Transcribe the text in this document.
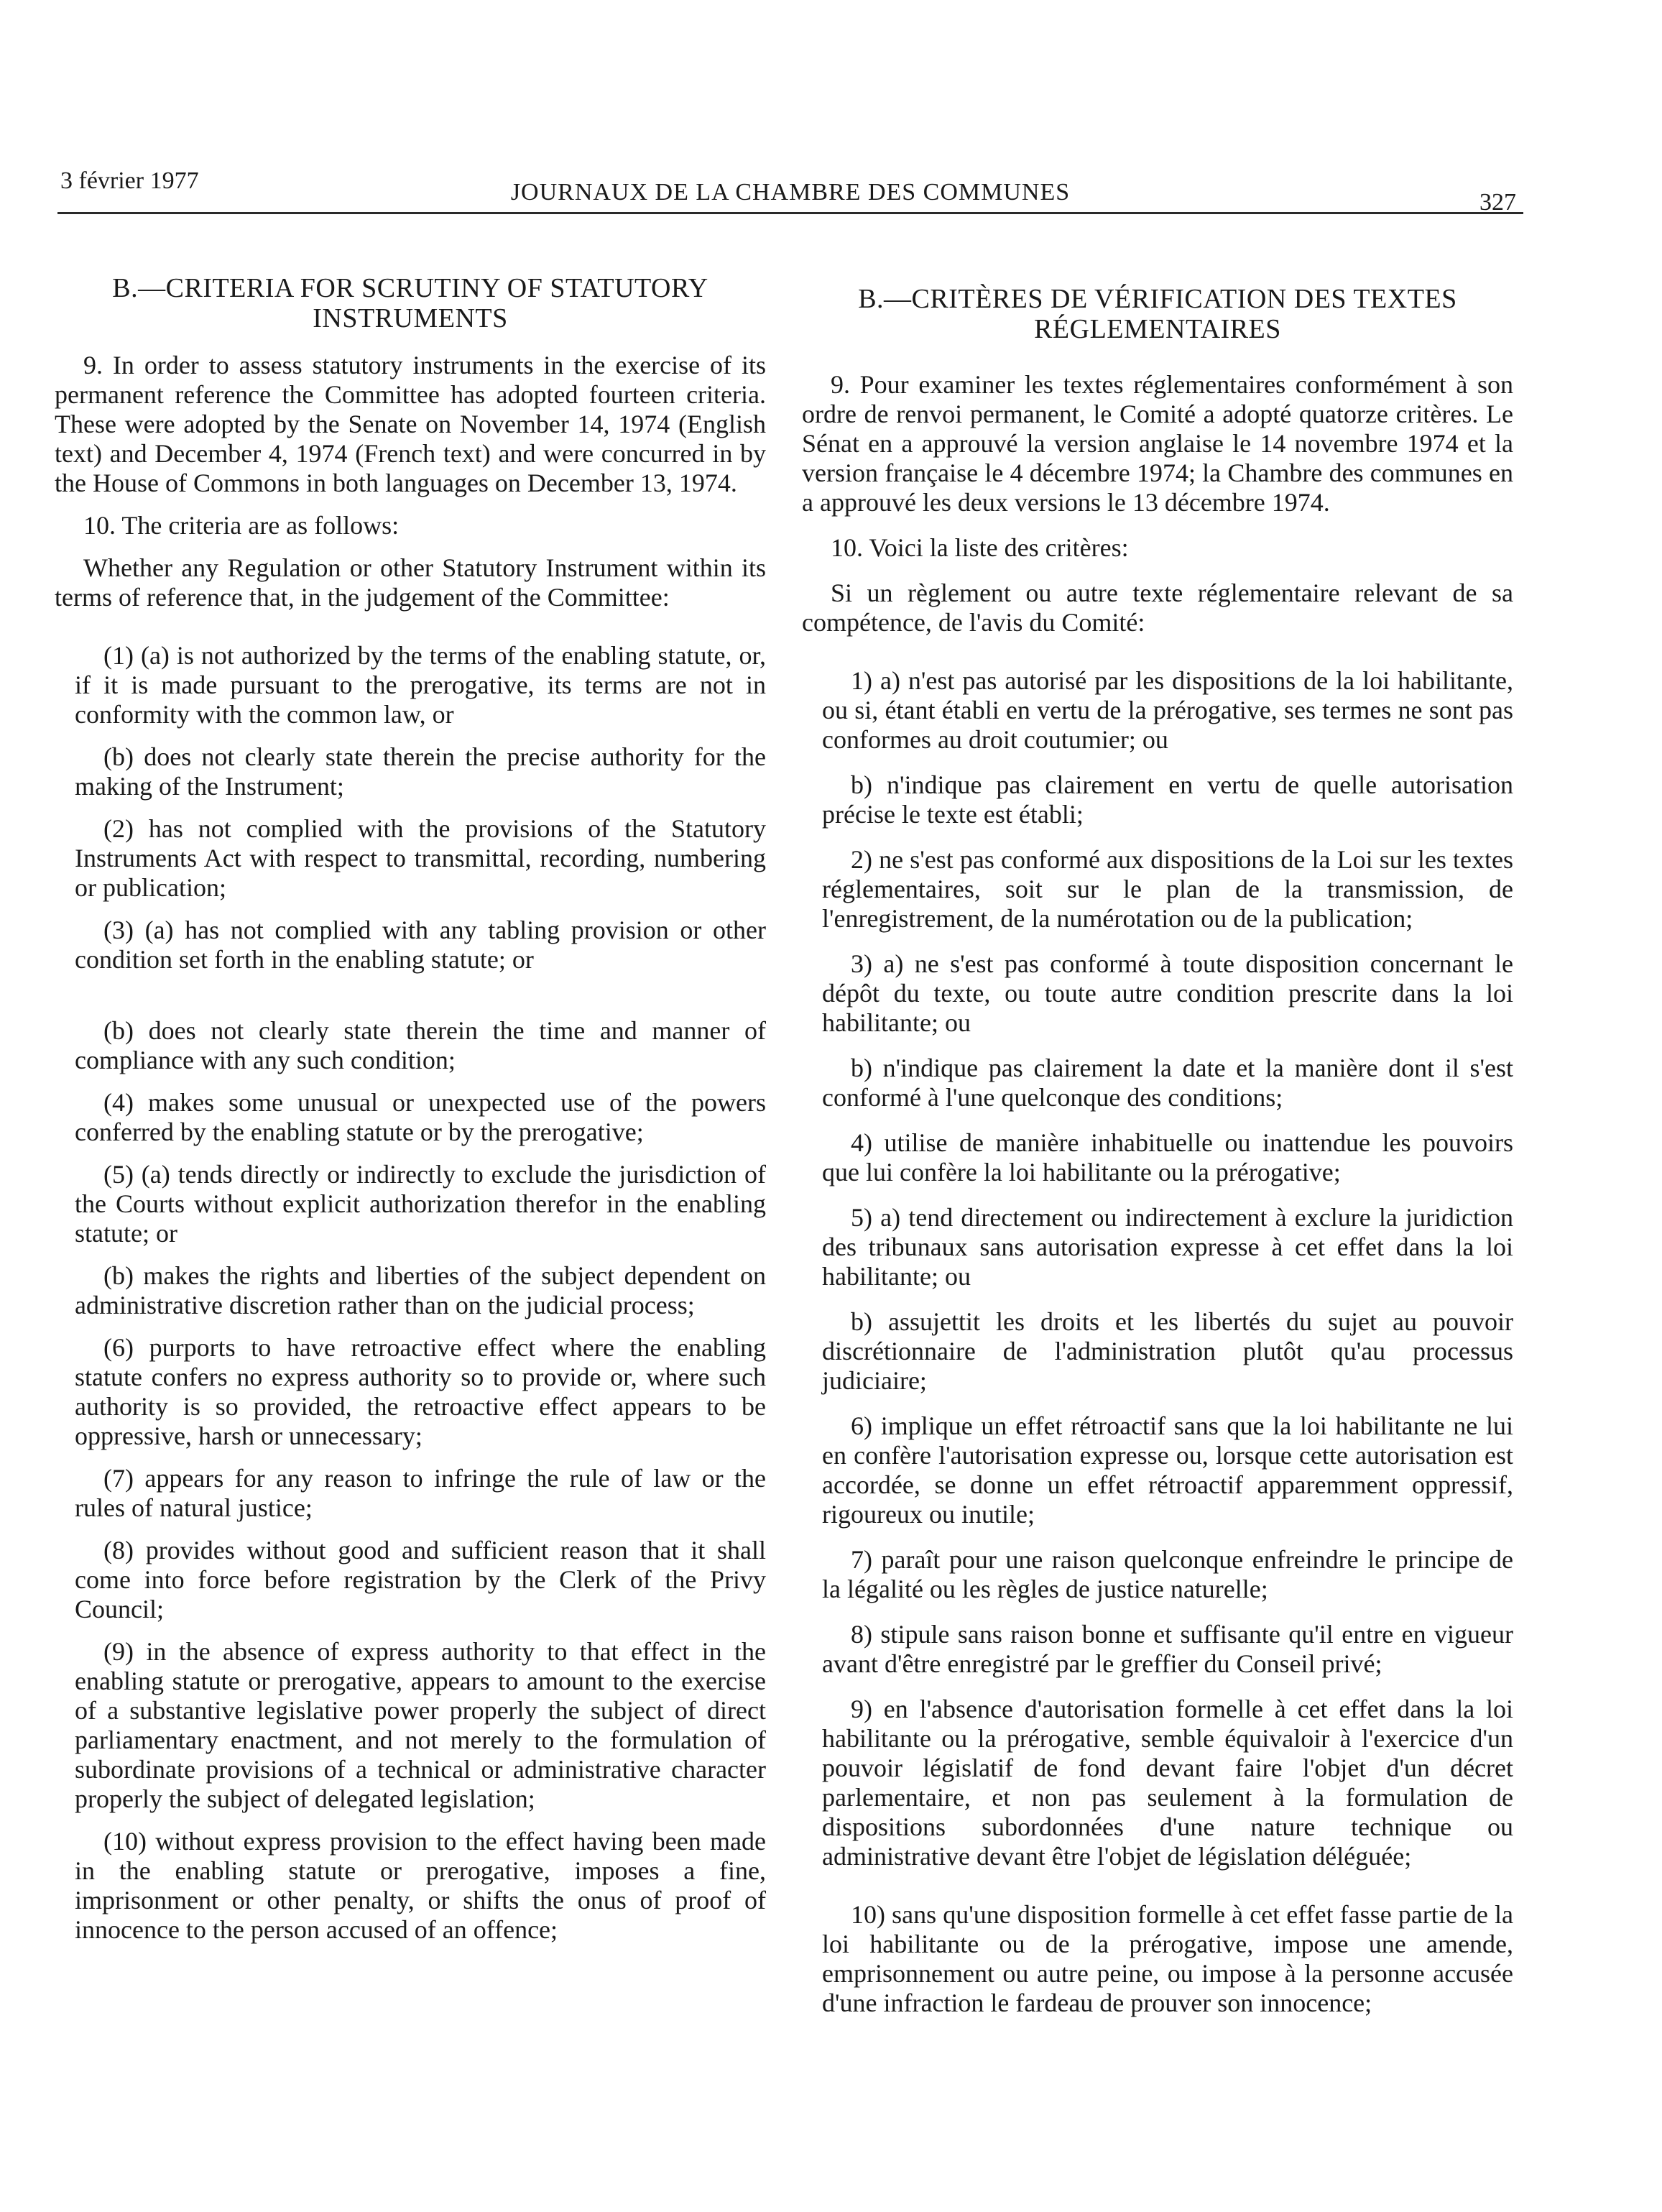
3 février 1977	JOURNAUX DE LA CHAMBRE DES COMMUNES	327
B.—CRITERIA FOR SCRUTINY OF STATUTORY INSTRUMENTS

9. In order to assess statutory instruments in the exercise of its permanent reference the Committee has adopted fourteen criteria. These were adopted by the Senate on November 14, 1974 (English text) and December 4, 1974 (French text) and were concurred in by the House of Commons in both languages on December 13, 1974.

10. The criteria are as follows:

Whether any Regulation or other Statutory Instrument within its terms of reference that, in the judgement of the Committee:

(1) (a) is not authorized by the terms of the enabling statute, or, if it is made pursuant to the prerogative, its terms are not in conformity with the common law, or

(b) does not clearly state therein the precise authority for the making of the Instrument;

(2) has not complied with the provisions of the Statutory Instruments Act with respect to transmittal, recording, numbering or publication;

(3) (a) has not complied with any tabling provision or other condition set forth in the enabling statute; or

(b) does not clearly state therein the time and manner of compliance with any such condition;

(4) makes some unusual or unexpected use of the powers conferred by the enabling statute or by the prerogative;

(5) (a) tends directly or indirectly to exclude the jurisdiction of the Courts without explicit authorization therefor in the enabling statute; or

(b) makes the rights and liberties of the subject dependent on administrative discretion rather than on the judicial process;

(6) purports to have retroactive effect where the enabling statute confers no express authority so to provide or, where such authority is so provided, the retroactive effect appears to be oppressive, harsh or unnecessary;

(7) appears for any reason to infringe the rule of law or the rules of natural justice;

(8) provides without good and sufficient reason that it shall come into force before registration by the Clerk of the Privy Council;

(9) in the absence of express authority to that effect in the enabling statute or prerogative, appears to amount to the exercise of a substantive legislative power properly the subject of direct parliamentary enactment, and not merely to the formulation of subordinate provisions of a technical or administrative character properly the subject of delegated legislation;

(10) without express provision to the effect having been made in the enabling statute or prerogative, imposes a fine, imprisonment or other penalty, or shifts the onus of proof of innocence to the person accused of an offence;

B.—CRITÈRES DE VÉRIFICATION DES TEXTES RÉGLEMENTAIRES

9. Pour examiner les textes réglementaires conformément à son ordre de renvoi permanent, le Comité a adopté quatorze critères. Le Sénat en a approuvé la version anglaise le 14 novembre 1974 et la version française le 4 décembre 1974; la Chambre des communes en a approuvé les deux versions le 13 décembre 1974.

10. Voici la liste des critères:

Si un règlement ou autre texte réglementaire relevant de sa compétence, de l'avis du Comité:

1) a) n'est pas autorisé par les dispositions de la loi habilitante, ou si, étant établi en vertu de la prérogative, ses termes ne sont pas conformes au droit coutumier; ou

b) n'indique pas clairement en vertu de quelle autorisation précise le texte est établi;

2) ne s'est pas conformé aux dispositions de la Loi sur les textes réglementaires, soit sur le plan de la transmission, de l'enregistrement, de la numérotation ou de la publication;

3) a) ne s'est pas conformé à toute disposition concernant le dépôt du texte, ou toute autre condition prescrite dans la loi habilitante; ou

b) n'indique pas clairement la date et la manière dont il s'est conformé à l'une quelconque des conditions;

4) utilise de manière inhabituelle ou inattendue les pouvoirs que lui confère la loi habilitante ou la prérogative;

5) a) tend directement ou indirectement à exclure la juridiction des tribunaux sans autorisation expresse à cet effet dans la loi habilitante; ou

b) assujettit les droits et les libertés du sujet au pouvoir discrétionnaire de l'administration plutôt qu'au processus judiciaire;

6) implique un effet rétroactif sans que la loi habilitante ne lui en confère l'autorisation expresse ou, lorsque cette autorisation est accordée, se donne un effet rétroactif apparemment oppressif, rigoureux ou inutile;

7) paraît pour une raison quelconque enfreindre le principe de la légalité ou les règles de justice naturelle;

8) stipule sans raison bonne et suffisante qu'il entre en vigueur avant d'être enregistré par le greffier du Conseil privé;

9) en l'absence d'autorisation formelle à cet effet dans la loi habilitante ou la prérogative, semble équivaloir à l'exercice d'un pouvoir législatif de fond devant faire l'objet d'un décret parlementaire, et non pas seulement à la formulation de dispositions subordonnées d'une nature technique ou administrative devant être l'objet de législation déléguée;

10) sans qu'une disposition formelle à cet effet fasse partie de la loi habilitante ou de la prérogative, impose une amende, emprisonnement ou autre peine, ou impose à la personne accusée d'une infraction le fardeau de prouver son innocence;
